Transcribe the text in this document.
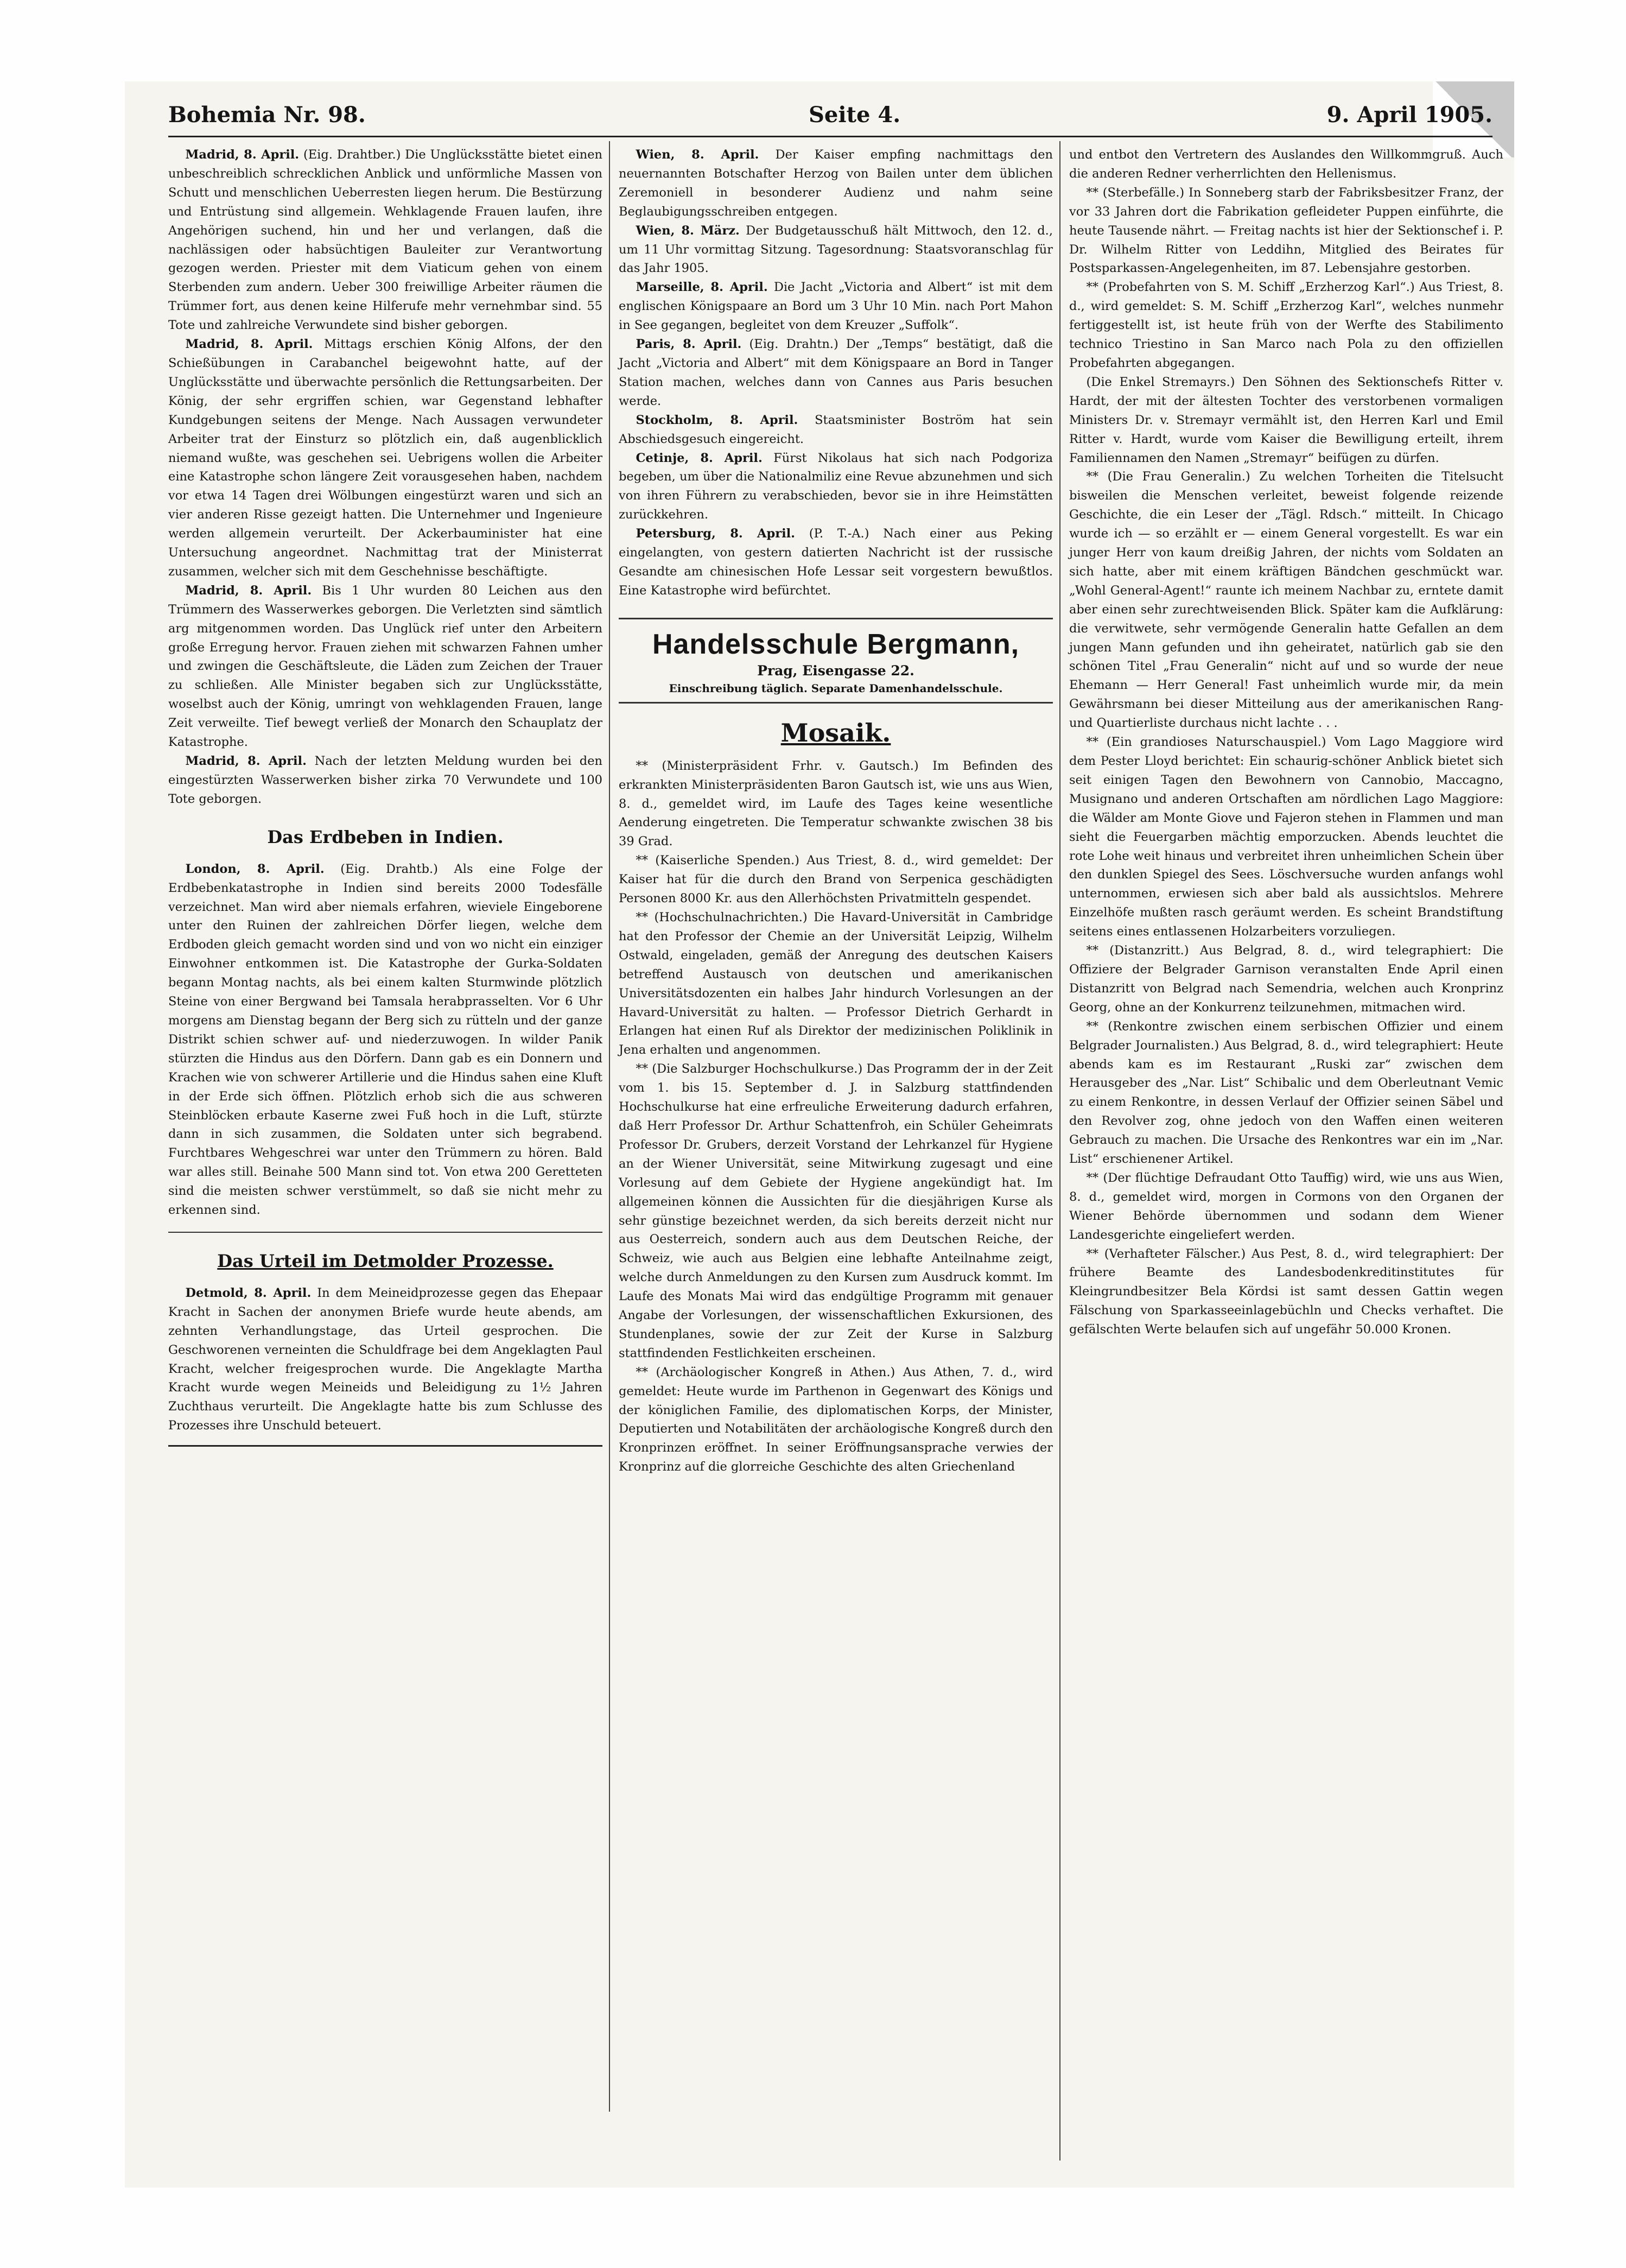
Bohemia Nr. 98.	Seite 4.	9. April 1905.

Madrid, 8. April. (Eig. Drahtber.) Die Unglücksstätte bietet einen unbeschreiblich schrecklichen Anblick und unförmliche Massen von Schutt und menschlichen Ueberresten liegen herum. Die Bestürzung und Entrüstung sind allgemein. Wehklagende Frauen laufen, ihre Angehörigen suchend, hin und her und verlangen, daß die nachlässigen oder habsüchtigen Bauleiter zur Verantwortung gezogen werden. Priester mit dem Viaticum gehen von einem Sterbenden zum andern. Ueber 300 freiwillige Arbeiter räumen die Trümmer fort, aus denen keine Hilferufe mehr vernehmbar sind. 55 Tote und zahlreiche Verwundete sind bisher geborgen.

Madrid, 8. April. Mittags erschien König Alfons, der den Schießübungen in Carabanchel beigewohnt hatte, auf der Unglücksstätte und überwachte persönlich die Rettungsarbeiten. Der König, der sehr ergriffen schien, war Gegenstand lebhafter Kundgebungen seitens der Menge. Nach Aussagen verwundeter Arbeiter trat der Einsturz so plötzlich ein, daß augenblicklich niemand wußte, was geschehen sei. Uebrigens wollen die Arbeiter eine Katastrophe schon längere Zeit vorausgesehen haben, nachdem vor etwa 14 Tagen drei Wölbungen eingestürzt waren und sich an vier anderen Risse gezeigt hatten. Die Unternehmer und Ingenieure werden allgemein verurteilt. Der Ackerbauminister hat eine Untersuchung angeordnet. Nachmittag trat der Ministerrat zusammen, welcher sich mit dem Geschehnisse beschäftigte.

Madrid, 8. April. Bis 1 Uhr wurden 80 Leichen aus den Trümmern des Wasserwerkes geborgen. Die Verletzten sind sämtlich arg mitgenommen worden. Das Unglück rief unter den Arbeitern große Erregung hervor. Frauen ziehen mit schwarzen Fahnen umher und zwingen die Geschäftsleute, die Läden zum Zeichen der Trauer zu schließen. Alle Minister begaben sich zur Unglücksstätte, woselbst auch der König, umringt von wehklagenden Frauen, lange Zeit verweilte. Tief bewegt verließ der Monarch den Schauplatz der Katastrophe.

Madrid, 8. April. Nach der letzten Meldung wurden bei den eingestürzten Wasserwerken bisher zirka 70 Verwundete und 100 Tote geborgen.

Das Erdbeben in Indien.

London, 8. April. (Eig. Drahtb.) Als eine Folge der Erdbebenkatastrophe in Indien sind bereits 2000 Todesfälle verzeichnet. Man wird aber niemals erfahren, wieviele Eingeborene unter den Ruinen der zahlreichen Dörfer liegen, welche dem Erdboden gleich gemacht worden sind und von wo nicht ein einziger Einwohner entkommen ist. Die Katastrophe der Gurka-Soldaten begann Montag nachts, als bei einem kalten Sturmwinde plötzlich Steine von einer Bergwand bei Tamsala herabprasselten. Vor 6 Uhr morgens am Dienstag begann der Berg sich zu rütteln und der ganze Distrikt schien schwer auf- und niederzuwogen. In wilder Panik stürzten die Hindus aus den Dörfern. Dann gab es ein Donnern und Krachen wie von schwerer Artillerie und die Hindus sahen eine Kluft in der Erde sich öffnen. Plötzlich erhob sich die aus schweren Steinblöcken erbaute Kaserne zwei Fuß hoch in die Luft, stürzte dann in sich zusammen, die Soldaten unter sich begrabend. Furchtbares Wehgeschrei war unter den Trümmern zu hören. Bald war alles still. Beinahe 500 Mann sind tot. Von etwa 200 Geretteten sind die meisten schwer verstümmelt, so daß sie nicht mehr zu erkennen sind.

Das Urteil im Detmolder Prozesse.

Detmold, 8. April. In dem Meineidprozesse gegen das Ehepaar Kracht in Sachen der anonymen Briefe wurde heute abends, am zehnten Verhandlungstage, das Urteil gesprochen. Die Geschworenen verneinten die Schuldfrage bei dem Angeklagten Paul Kracht, welcher freigesprochen wurde. Die Angeklagte Martha Kracht wurde wegen Meineids und Beleidigung zu 1½ Jahren Zuchthaus verurteilt. Die Angeklagte hatte bis zum Schlusse des Prozesses ihre Unschuld beteuert.

Wien, 8. April. Der Kaiser empfing nachmittags den neuernannten Botschafter Herzog von Bailen unter dem üblichen Zeremoniell in besonderer Audienz und nahm seine Beglaubigungsschreiben entgegen.

Wien, 8. März. Der Budgetausschuß hält Mittwoch, den 12. d., um 11 Uhr vormittag Sitzung. Tagesordnung: Staatsvoranschlag für das Jahr 1905.

Marseille, 8. April. Die Jacht „Victoria and Albert“ ist mit dem englischen Königspaare an Bord um 3 Uhr 10 Min. nach Port Mahon in See gegangen, begleitet von dem Kreuzer „Suffolk“.

Paris, 8. April. (Eig. Drahtn.) Der „Temps“ bestätigt, daß die Jacht „Victoria and Albert“ mit dem Königspaare an Bord in Tanger Station machen, welches dann von Cannes aus Paris besuchen werde.

Stockholm, 8. April. Staatsminister Boström hat sein Abschiedsgesuch eingereicht.

Cetinje, 8. April. Fürst Nikolaus hat sich nach Podgoriza begeben, um über die Nationalmiliz eine Revue abzunehmen und sich von ihren Führern zu verabschieden, bevor sie in ihre Heimstätten zurückkehren.

Petersburg, 8. April. (P. T.-A.) Nach einer aus Peking eingelangten, von gestern datierten Nachricht ist der russische Gesandte am chinesischen Hofe Lessar seit vorgestern bewußtlos. Eine Katastrophe wird befürchtet.

Handelsschule Bergmann,
Prag, Eisengasse 22.
Einschreibung täglich. Separate Damenhandelsschule.
Mosaik.

** (Ministerpräsident Frhr. v. Gautsch.) Im Befinden des erkrankten Ministerpräsidenten Baron Gautsch ist, wie uns aus Wien, 8. d., gemeldet wird, im Laufe des Tages keine wesentliche Aenderung eingetreten. Die Temperatur schwankte zwischen 38 bis 39 Grad.

** (Kaiserliche Spenden.) Aus Triest, 8. d., wird gemeldet: Der Kaiser hat für die durch den Brand von Serpenica geschädigten Personen 8000 Kr. aus den Allerhöchsten Privatmitteln gespendet.

** (Hochschulnachrichten.) Die Havard-Universität in Cambridge hat den Professor der Chemie an der Universität Leipzig, Wilhelm Ostwald, eingeladen, gemäß der Anregung des deutschen Kaisers betreffend Austausch von deutschen und amerikanischen Universitätsdozenten ein halbes Jahr hindurch Vorlesungen an der Havard-Universität zu halten. — Professor Dietrich Gerhardt in Erlangen hat einen Ruf als Direktor der medizinischen Poliklinik in Jena erhalten und angenommen.

** (Die Salzburger Hochschulkurse.) Das Programm der in der Zeit vom 1. bis 15. September d. J. in Salzburg stattfindenden Hochschulkurse hat eine erfreuliche Erweiterung dadurch erfahren, daß Herr Professor Dr. Arthur Schattenfroh, ein Schüler Geheimrats Professor Dr. Grubers, derzeit Vorstand der Lehrkanzel für Hygiene an der Wiener Universität, seine Mitwirkung zugesagt und eine Vorlesung auf dem Gebiete der Hygiene angekündigt hat. Im allgemeinen können die Aussichten für die diesjährigen Kurse als sehr günstige bezeichnet werden, da sich bereits derzeit nicht nur aus Oesterreich, sondern auch aus dem Deutschen Reiche, der Schweiz, wie auch aus Belgien eine lebhafte Anteilnahme zeigt, welche durch Anmeldungen zu den Kursen zum Ausdruck kommt. Im Laufe des Monats Mai wird das endgültige Programm mit genauer Angabe der Vorlesungen, der wissenschaftlichen Exkursionen, des Stundenplanes, sowie der zur Zeit der Kurse in Salzburg stattfindenden Festlichkeiten erscheinen.

** (Archäologischer Kongreß in Athen.) Aus Athen, 7. d., wird gemeldet: Heute wurde im Parthenon in Gegenwart des Königs und der königlichen Familie, des diplomatischen Korps, der Minister, Deputierten und Notabilitäten der archäologische Kongreß durch den Kronprinzen eröffnet. In seiner Eröffnungsansprache verwies der Kronprinz auf die glorreiche Geschichte des alten Griechenland

und entbot den Vertretern des Auslandes den Willkommgruß. Auch die anderen Redner verherrlichten den Hellenismus.

** (Sterbefälle.) In Sonneberg starb der Fabriksbesitzer Franz, der vor 33 Jahren dort die Fabrikation gefleideter Puppen einführte, die heute Tausende nährt. — Freitag nachts ist hier der Sektionschef i. P. Dr. Wilhelm Ritter von Leddihn, Mitglied des Beirates für Postsparkassen-Angelegenheiten, im 87. Lebensjahre gestorben.

** (Probefahrten von S. M. Schiff „Erzherzog Karl“.) Aus Triest, 8. d., wird gemeldet: S. M. Schiff „Erzherzog Karl“, welches nunmehr fertiggestellt ist, ist heute früh von der Werfte des Stabilimento technico Triestino in San Marco nach Pola zu den offiziellen Probefahrten abgegangen.

(Die Enkel Stremayrs.) Den Söhnen des Sektionschefs Ritter v. Hardt, der mit der ältesten Tochter des verstorbenen vormaligen Ministers Dr. v. Stremayr vermählt ist, den Herren Karl und Emil Ritter v. Hardt, wurde vom Kaiser die Bewilligung erteilt, ihrem Familiennamen den Namen „Stremayr“ beifügen zu dürfen.

** (Die Frau Generalin.) Zu welchen Torheiten die Titelsucht bisweilen die Menschen verleitet, beweist folgende reizende Geschichte, die ein Leser der „Tägl. Rdsch.“ mitteilt. In Chicago wurde ich — so erzählt er — einem General vorgestellt. Es war ein junger Herr von kaum dreißig Jahren, der nichts vom Soldaten an sich hatte, aber mit einem kräftigen Bändchen geschmückt war. „Wohl General-Agent!“ raunte ich meinem Nachbar zu, erntete damit aber einen sehr zurechtweisenden Blick. Später kam die Aufklärung: die verwitwete, sehr vermögende Generalin hatte Gefallen an dem jungen Mann gefunden und ihn geheiratet, natürlich gab sie den schönen Titel „Frau Generalin“ nicht auf und so wurde der neue Ehemann — Herr General! Fast unheimlich wurde mir, da mein Gewährsmann bei dieser Mitteilung aus der amerikanischen Rang- und Quartierliste durchaus nicht lachte . . .

** (Ein grandioses Naturschauspiel.) Vom Lago Maggiore wird dem Pester Lloyd berichtet: Ein schaurig-schöner Anblick bietet sich seit einigen Tagen den Bewohnern von Cannobio, Maccagno, Musignano und anderen Ortschaften am nördlichen Lago Maggiore: die Wälder am Monte Giove und Fajeron stehen in Flammen und man sieht die Feuergarben mächtig emporzucken. Abends leuchtet die rote Lohe weit hinaus und verbreitet ihren unheimlichen Schein über den dunklen Spiegel des Sees. Löschversuche wurden anfangs wohl unternommen, erwiesen sich aber bald als aussichtslos. Mehrere Einzelhöfe mußten rasch geräumt werden. Es scheint Brandstiftung seitens eines entlassenen Holzarbeiters vorzuliegen.

** (Distanzritt.) Aus Belgrad, 8. d., wird telegraphiert: Die Offiziere der Belgrader Garnison veranstalten Ende April einen Distanzritt von Belgrad nach Semendria, welchen auch Kronprinz Georg, ohne an der Konkurrenz teilzunehmen, mitmachen wird.

** (Renkontre zwischen einem serbischen Offizier und einem Belgrader Journalisten.) Aus Belgrad, 8. d., wird telegraphiert: Heute abends kam es im Restaurant „Ruski zar“ zwischen dem Herausgeber des „Nar. List“ Schibalic und dem Oberleutnant Vemic zu einem Renkontre, in dessen Verlauf der Offizier seinen Säbel und den Revolver zog, ohne jedoch von den Waffen einen weiteren Gebrauch zu machen. Die Ursache des Renkontres war ein im „Nar. List“ erschienener Artikel.

** (Der flüchtige Defraudant Otto Tauffig) wird, wie uns aus Wien, 8. d., gemeldet wird, morgen in Cormons von den Organen der Wiener Behörde übernommen und sodann dem Wiener Landesgerichte eingeliefert werden.

** (Verhafteter Fälscher.) Aus Pest, 8. d., wird telegraphiert: Der frühere Beamte des Landesbodenkreditinstitutes für Kleingrundbesitzer Bela Kördsi ist samt dessen Gattin wegen Fälschung von Sparkasseeinlagebüchln und Checks verhaftet. Die gefälschten Werte belaufen sich auf ungefähr 50.000 Kronen.
